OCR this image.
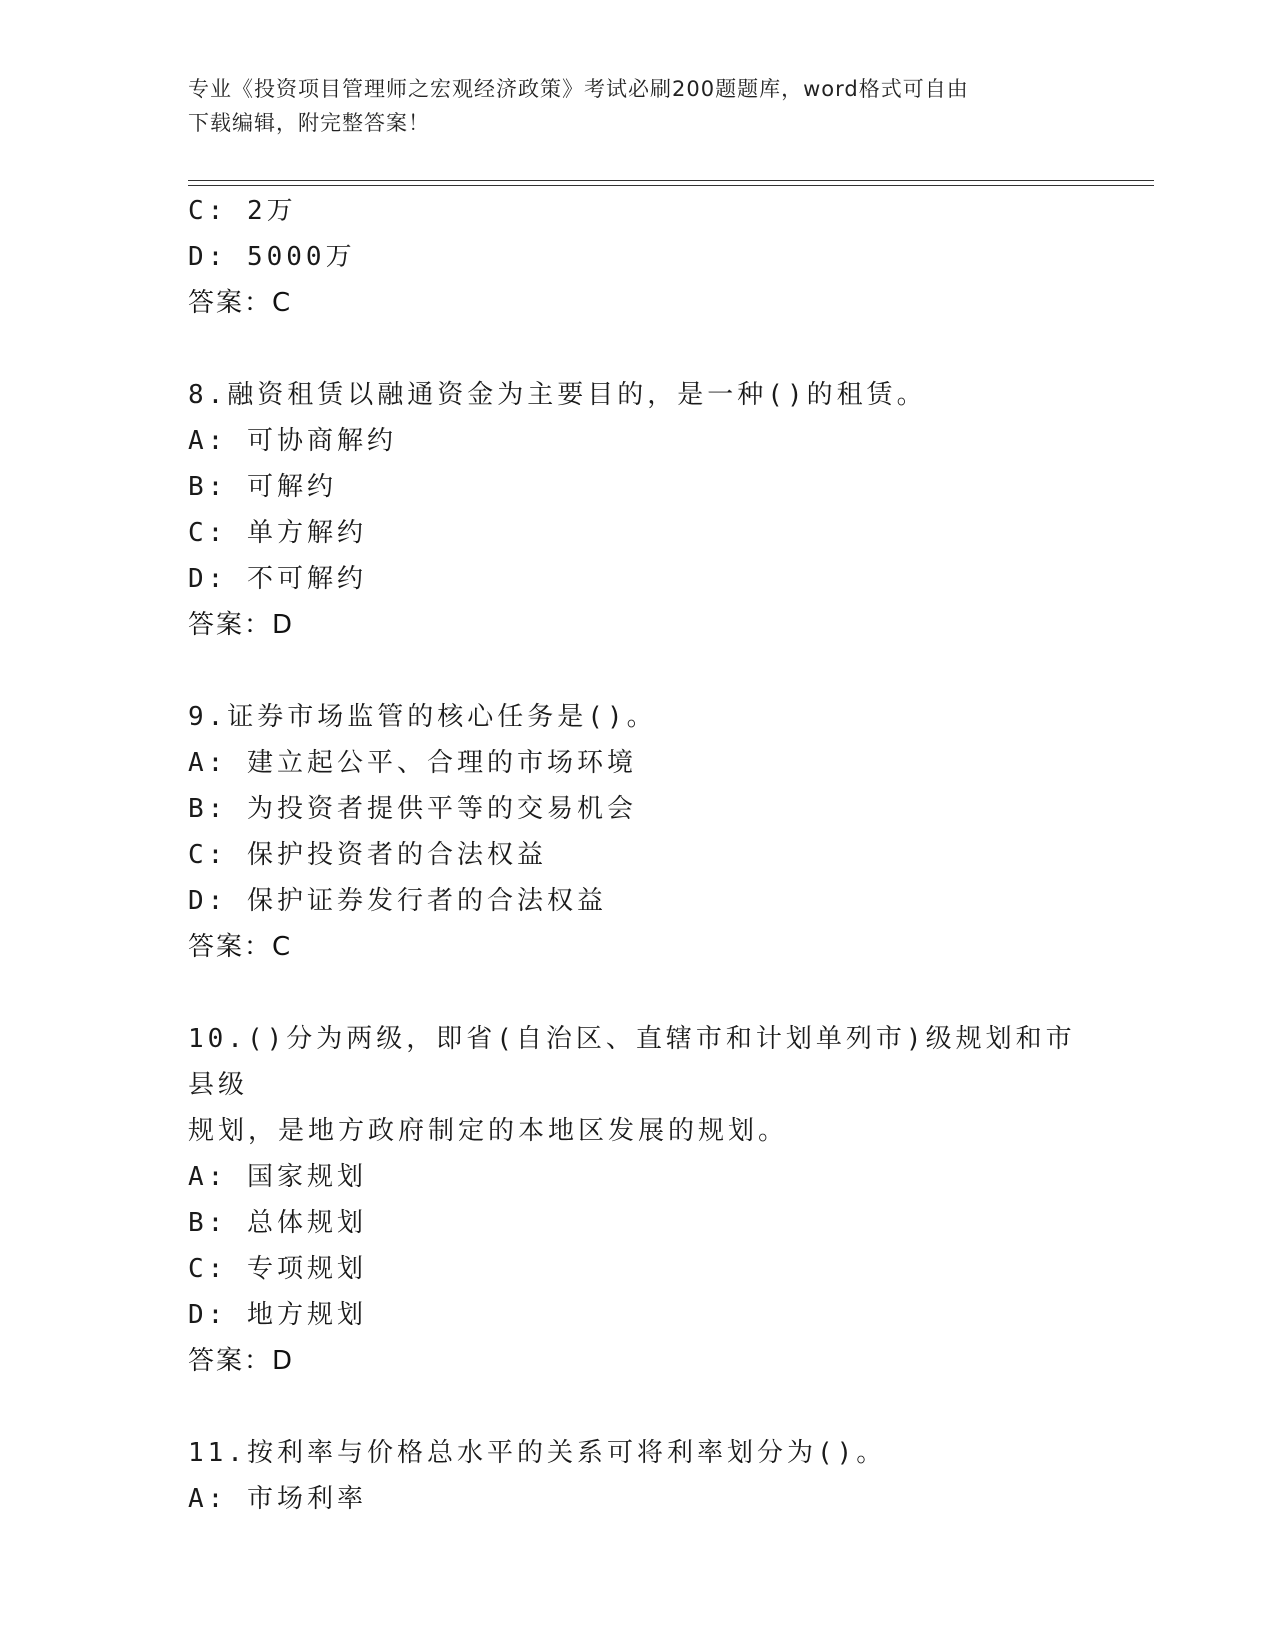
专业《投资项目管理师之宏观经济政策》考试必刷200题题库，word格式可自由
下载编辑，附完整答案！
C: 2万
D: 5000万
答案：C
8.融资租赁以融通资金为主要目的，是一种()的租赁。
A: 可协商解约
B: 可解约
C: 单方解约
D: 不可解约
答案：D
9.证券市场监管的核心任务是()。
A: 建立起公平、合理的市场环境
B: 为投资者提供平等的交易机会
C: 保护投资者的合法权益
D: 保护证券发行者的合法权益
答案：C
10.()分为两级，即省(自治区、直辖市和计划单列市)级规划和市县级
规划，是地方政府制定的本地区发展的规划。
A: 国家规划
B: 总体规划
C: 专项规划
D: 地方规划
答案：D
11.按利率与价格总水平的关系可将利率划分为()。
A: 市场利率
